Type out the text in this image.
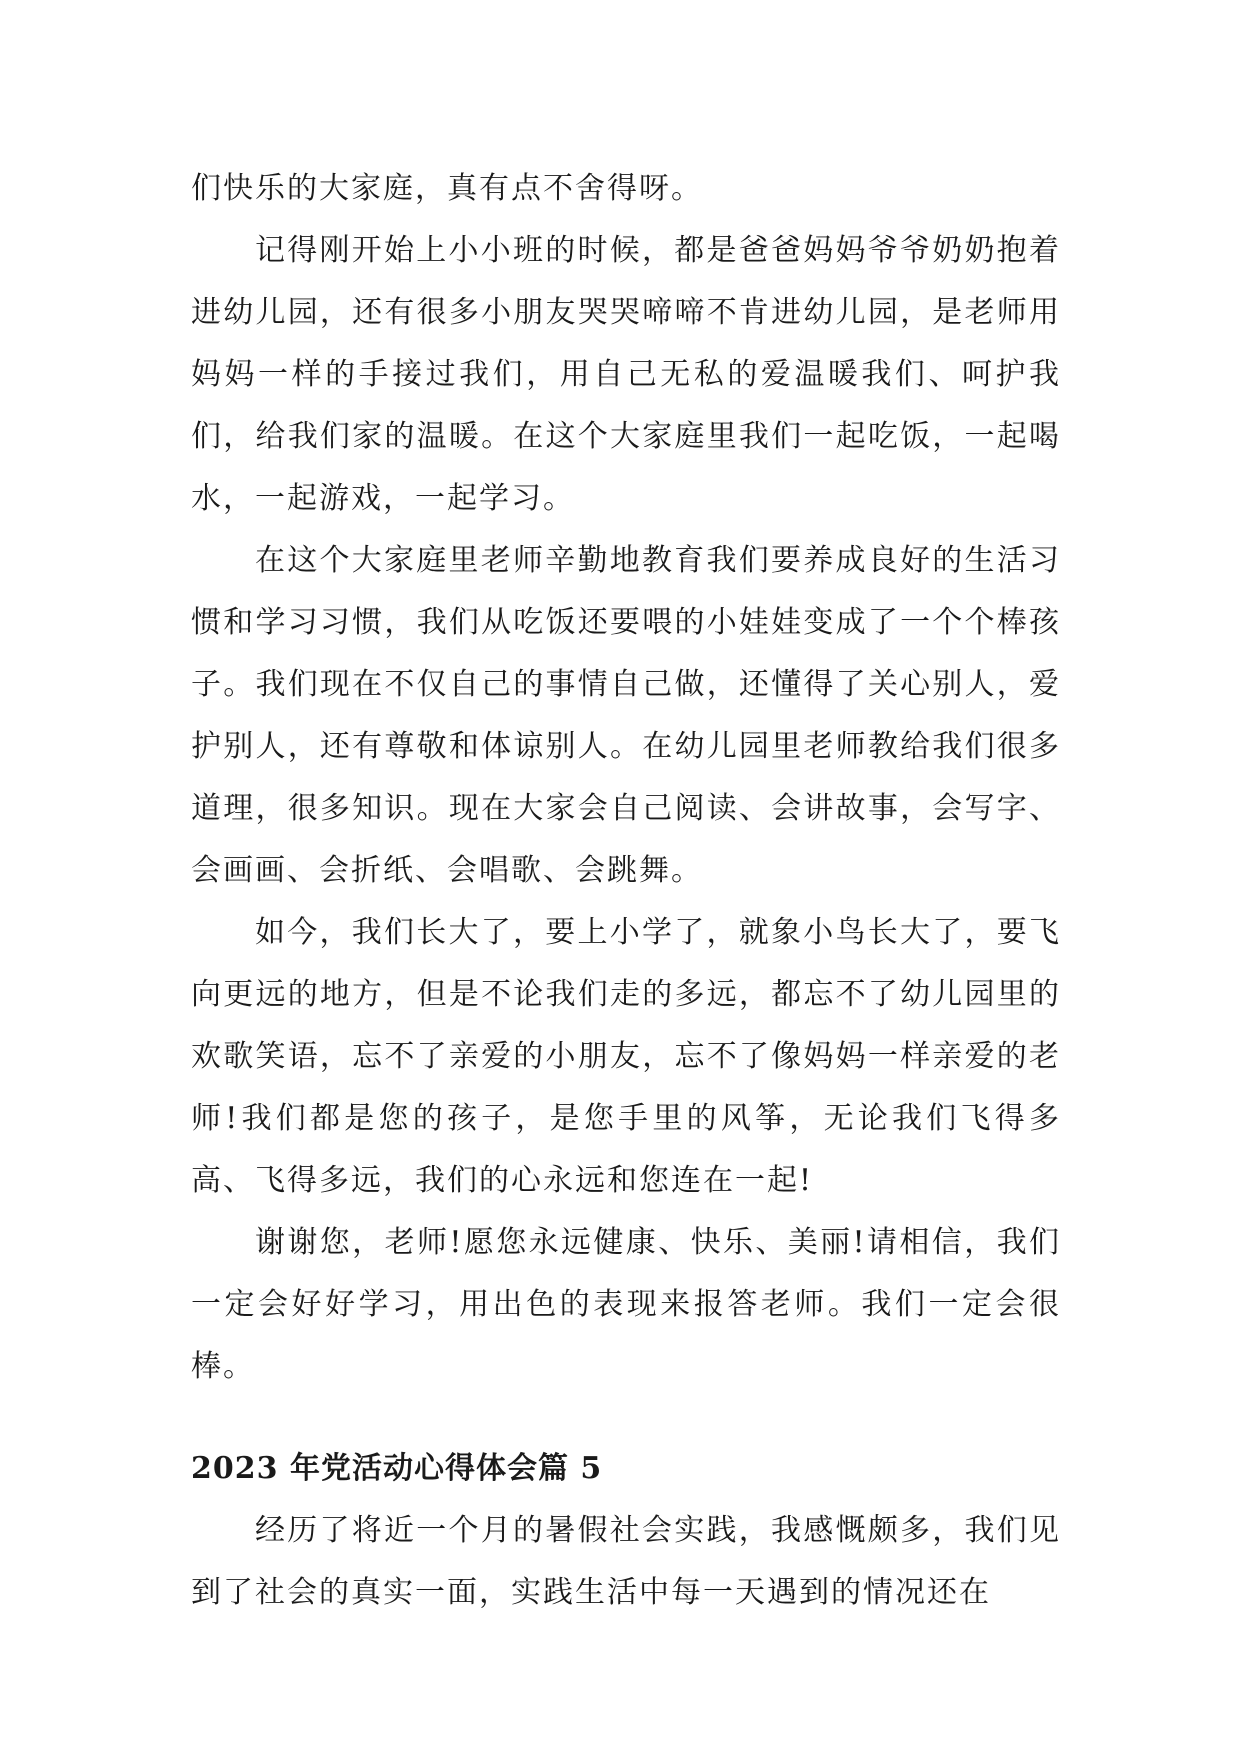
们快乐的大家庭，真有点不舍得呀。

记得刚开始上小小班的时候，都是爸爸妈妈爷爷奶奶抱着进幼儿园，还有很多小朋友哭哭啼啼不肯进幼儿园，是老师用妈妈一样的手接过我们，用自己无私的爱温暖我们、呵护我们，给我们家的温暖。在这个大家庭里我们一起吃饭，一起喝水，一起游戏，一起学习。

在这个大家庭里老师辛勤地教育我们要养成良好的生活习惯和学习习惯，我们从吃饭还要喂的小娃娃变成了一个个棒孩子。我们现在不仅自己的事情自己做，还懂得了关心别人，爱护别人，还有尊敬和体谅别人。在幼儿园里老师教给我们很多道理，很多知识。现在大家会自己阅读、会讲故事，会写字、会画画、会折纸、会唱歌、会跳舞。

如今，我们长大了，要上小学了，就象小鸟长大了，要飞向更远的地方，但是不论我们走的多远，都忘不了幼儿园里的欢歌笑语，忘不了亲爱的小朋友，忘不了像妈妈一样亲爱的老师!我们都是您的孩子，是您手里的风筝，无论我们飞得多高、飞得多远，我们的心永远和您连在一起!

谢谢您，老师!愿您永远健康、快乐、美丽!请相信，我们一定会好好学习，用出色的表现来报答老师。我们一定会很棒。

2023 年党活动心得体会篇 5

经历了将近一个月的暑假社会实践，我感慨颇多，我们见到了社会的真实一面，实践生活中每一天遇到的情况还在
